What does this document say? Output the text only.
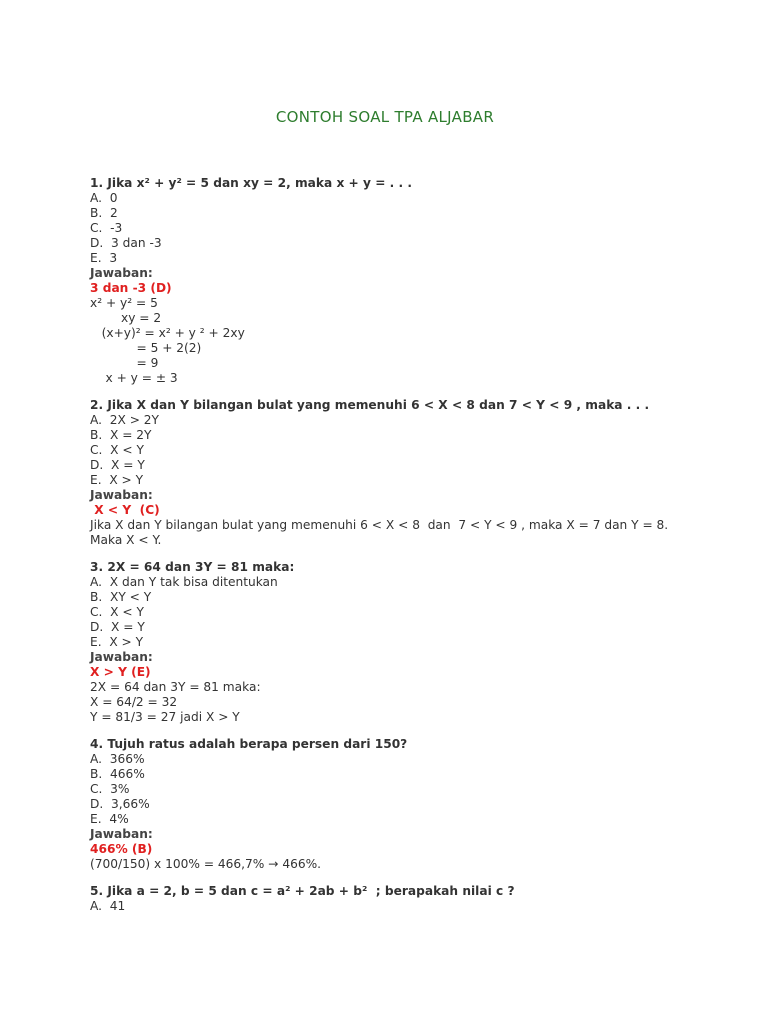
CONTOH SOAL TPA ALJABAR
1. Jika x² + y² = 5 dan xy = 2, maka x + y = . . .
A.  0
B.  2
C.  -3
D.  3 dan -3
E.  3
Jawaban:
3 dan -3 (D)
x² + y² = 5
xy = 2
(x+y)² = x² + y ² + 2xy
= 5 + 2(2)
= 9
x + y = ± 3
2. Jika X dan Y bilangan bulat yang memenuhi 6 < X < 8 dan 7 < Y < 9 , maka . . .
A.  2X > 2Y
B.  X = 2Y
C.  X < Y
D.  X = Y
E.  X > Y
Jawaban:
X < Y  (C)
Jika X dan Y bilangan bulat yang memenuhi 6 < X < 8  dan  7 < Y < 9 , maka X = 7 dan Y = 8.
Maka X < Y.
3. 2X = 64 dan 3Y = 81 maka:
A.  X dan Y tak bisa ditentukan
B.  XY < Y
C.  X < Y
D.  X = Y
E.  X > Y
Jawaban:
X > Y (E)
2X = 64 dan 3Y = 81 maka:
X = 64/2 = 32
Y = 81/3 = 27 jadi X > Y
4. Tujuh ratus adalah berapa persen dari 150?
A.  366%
B.  466%
C.  3%
D.  3,66%
E.  4%
Jawaban:
466% (B)
(700/150) x 100% = 466,7% → 466%.
5. Jika a = 2, b = 5 dan c = a² + 2ab + b²  ; berapakah nilai c ?
A.  41
